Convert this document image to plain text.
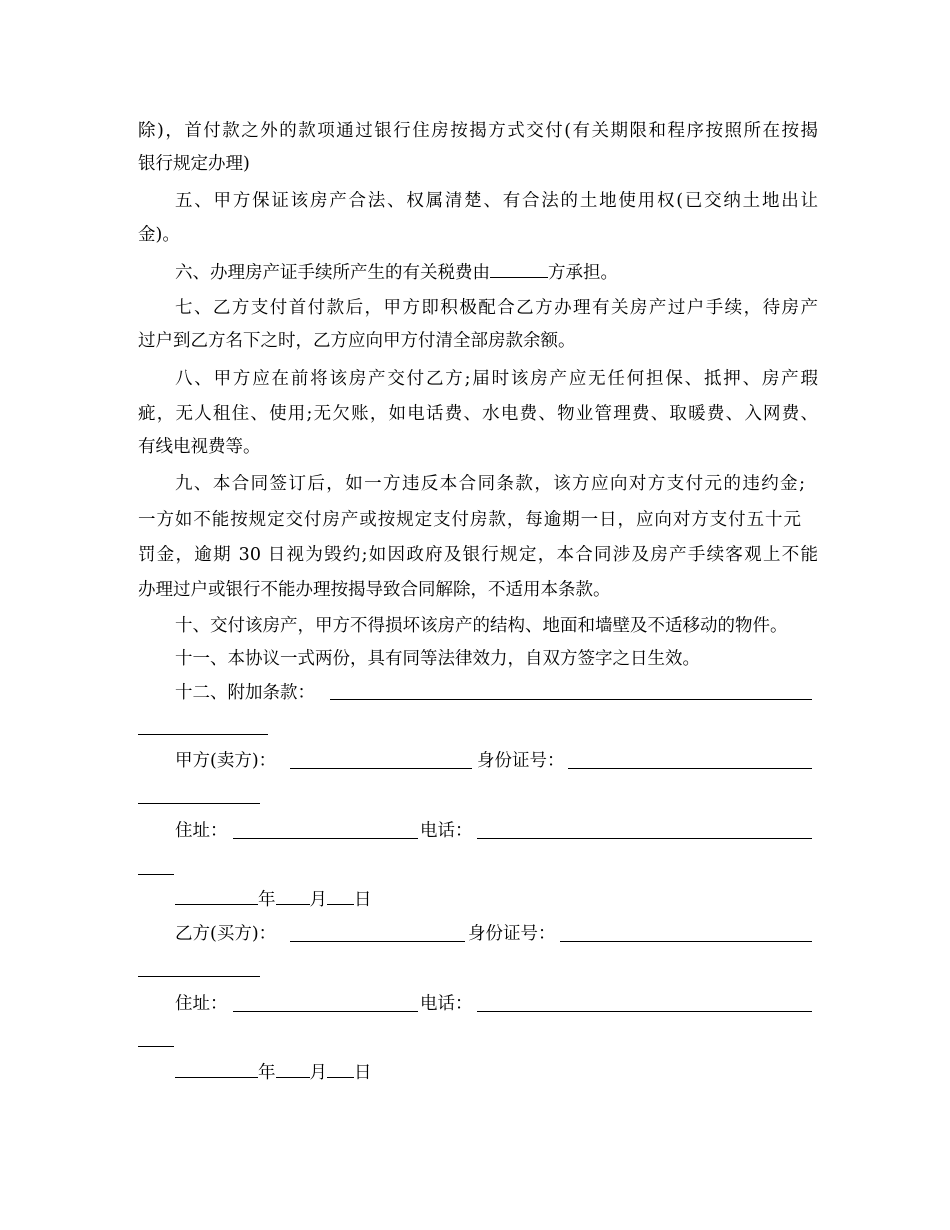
除)，首付款之外的款项通过银行住房按揭方式交付(有关期限和程序按照所在按揭

银行规定办理)

五、甲方保证该房产合法、权属清楚、有合法的土地使用权(已交纳土地出让

金)。

六、办理房产证手续所产生的有关税费由	方承担。

七、乙方支付首付款后，甲方即积极配合乙方办理有关房产过户手续，待房产

过户到乙方名下之时，乙方应向甲方付清全部房款余额。

八、甲方应在前将该房产交付乙方;届时该房产应无任何担保、抵押、房产瑕

疵，无人租住、使用;无欠账，如电话费、水电费、物业管理费、取暖费、入网费、

有线电视费等。

九、本合同签订后，如一方违反本合同条款，该方应向对方支付元的违约金;

一方如不能按规定交付房产或按规定支付房款，每逾期一日，应向对方支付五十元

罚金，逾期 30 日视为毁约;如因政府及银行规定，本合同涉及房产手续客观上不能

办理过户或银行不能办理按揭导致合同解除，不适用本条款。

十、交付该房产，甲方不得损坏该房产的结构、地面和墙壁及不适移动的物件。

十一、本协议一式两份，具有同等法律效力，自双方签字之日生效。

十二、附加条款：

甲方(卖方)：	身份证号：

住址：	电话：

年 月 日

乙方(买方)：	身份证号：

住址：	电话：

年 月 日
